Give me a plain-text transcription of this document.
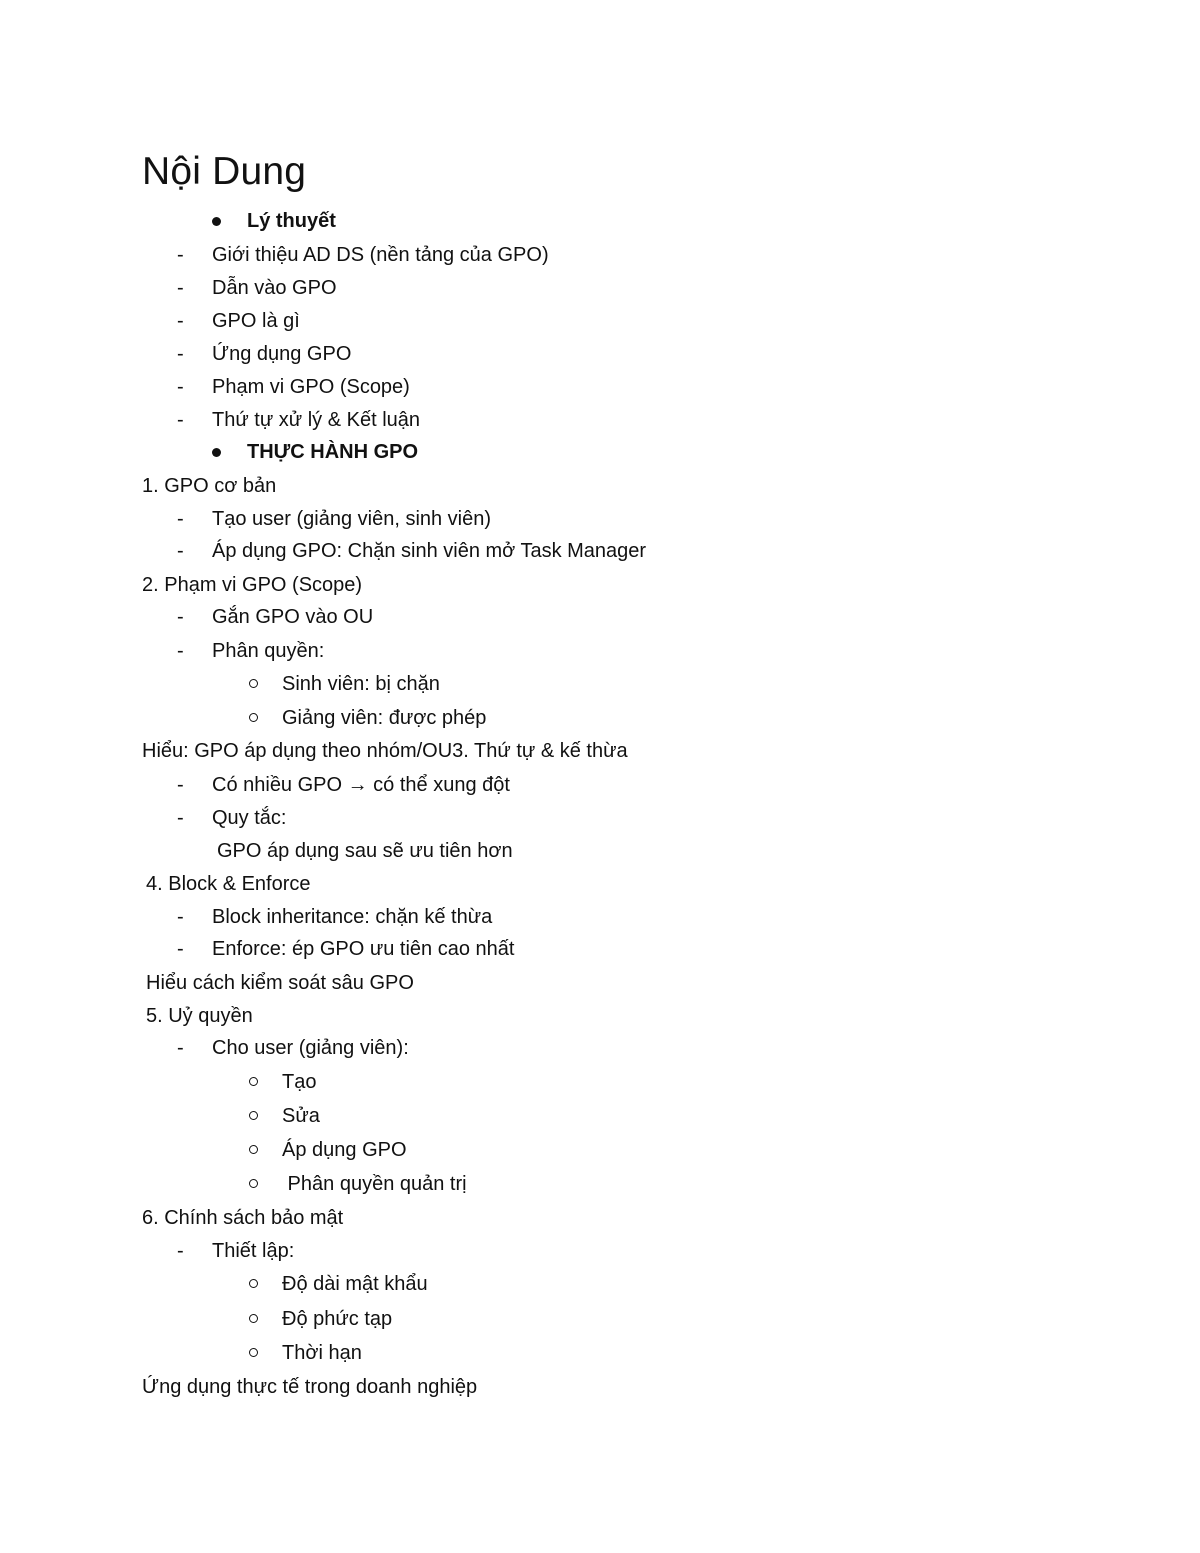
Nội Dung
Lý thuyết
- Giới thiệu AD DS (nền tảng của GPO)
- Dẫn vào GPO
- GPO là gì
- Ứng dụng GPO
- Phạm vi GPO (Scope)
- Thứ tự xử lý & Kết luận
THỰC HÀNH GPO
1. GPO cơ bản
- Tạo user (giảng viên, sinh viên)
- Áp dụng GPO: Chặn sinh viên mở Task Manager
2. Phạm vi GPO (Scope)
- Gắn GPO vào OU
- Phân quyền:
Sinh viên: bị chặn
Giảng viên: được phép
Hiểu: GPO áp dụng theo nhóm/OU3. Thứ tự & kế thừa
- Có nhiều GPO → có thể xung đột
- Quy tắc:
GPO áp dụng sau sẽ ưu tiên hơn
4. Block & Enforce
- Block inheritance: chặn kế thừa
- Enforce: ép GPO ưu tiên cao nhất
Hiểu cách kiểm soát sâu GPO
5. Uỷ quyền
- Cho user (giảng viên):
Tạo
Sửa
Áp dụng GPO
Phân quyền quản trị
6. Chính sách bảo mật
- Thiết lập:
Độ dài mật khẩu
Độ phức tạp
Thời hạn
Ứng dụng thực tế trong doanh nghiệp
